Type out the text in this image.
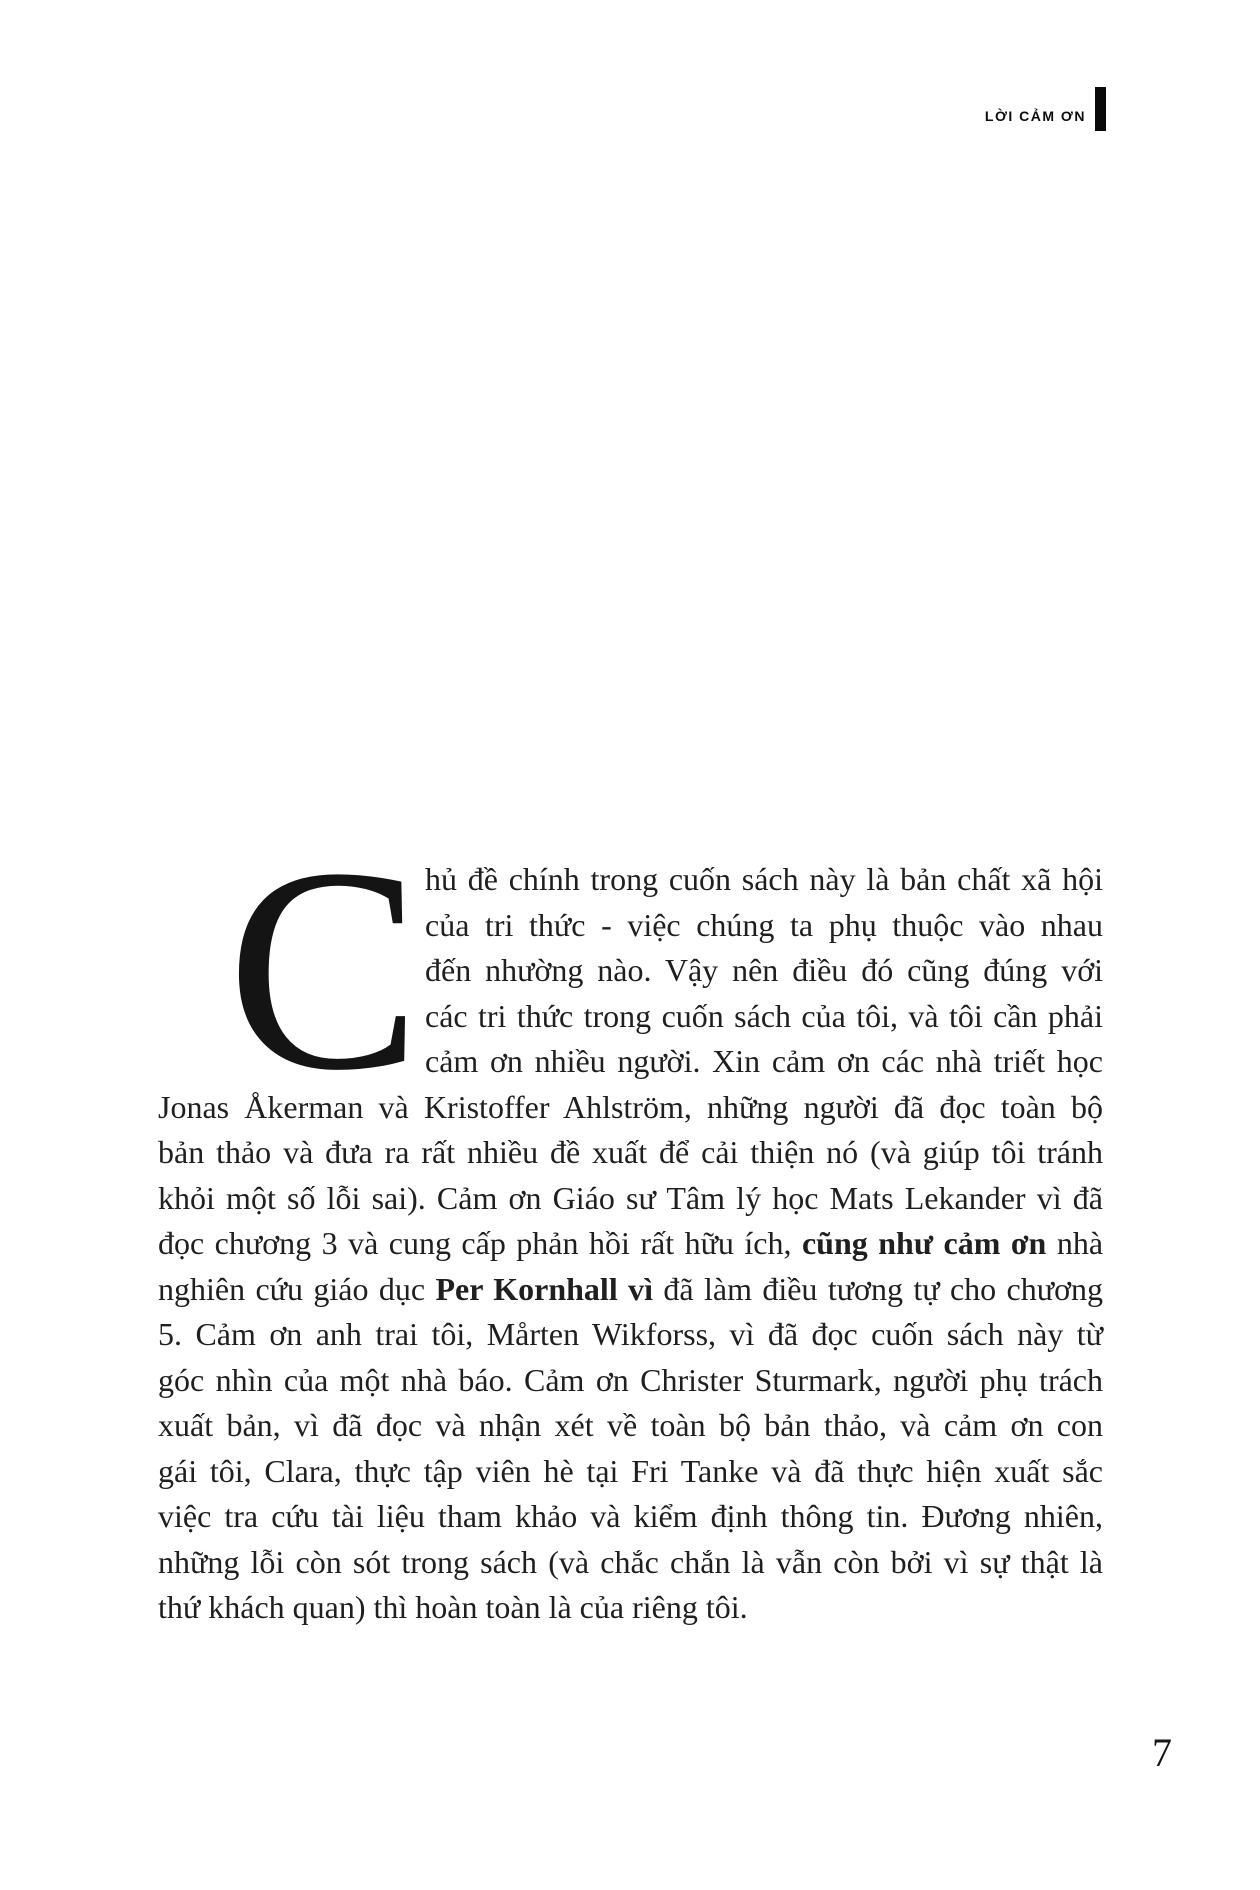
LỜI CẢM ƠN
C hủ đề chính trong cuốn sách này là bản chất xã hội
của tri thức - việc chúng ta phụ thuộc vào nhau
đến nhường nào. Vậy nên điều đó cũng đúng với
các tri thức trong cuốn sách của tôi, và tôi cần phải
cảm ơn nhiều người. Xin cảm ơn các nhà triết học
Jonas Åkerman và Kristoffer Ahlström, những người đã đọc toàn bộ
bản thảo và đưa ra rất nhiều đề xuất để cải thiện nó (và giúp tôi tránh
khỏi một số lỗi sai). Cảm ơn Giáo sư Tâm lý học Mats Lekander vì đã
đọc chương 3 và cung cấp phản hồi rất hữu ích, cũng như cảm ơn nhà
nghiên cứu giáo dục Per Kornhall vì đã làm điều tương tự cho chương
5. Cảm ơn anh trai tôi, Mårten Wikforss, vì đã đọc cuốn sách này từ
góc nhìn của một nhà báo. Cảm ơn Christer Sturmark, người phụ trách
xuất bản, vì đã đọc và nhận xét về toàn bộ bản thảo, và cảm ơn con
gái tôi, Clara, thực tập viên hè tại Fri Tanke và đã thực hiện xuất sắc
việc tra cứu tài liệu tham khảo và kiểm định thông tin. Đương nhiên,
những lỗi còn sót trong sách (và chắc chắn là vẫn còn bởi vì sự thật là
thứ khách quan) thì hoàn toàn là của riêng tôi.
7
